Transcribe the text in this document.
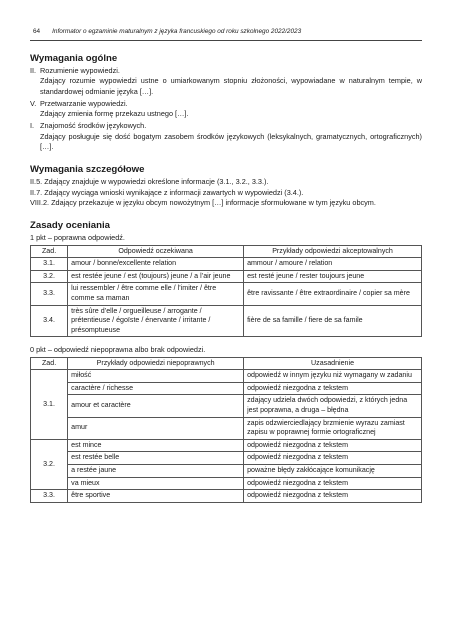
64 Informator o egzaminie maturalnym z języka francuskiego od roku szkolnego 2022/2023
Wymagania ogólne
II. Rozumienie wypowiedzi.

Zdający rozumie wypowiedzi ustne o umiarkowanym stopniu złożoności, wypowiadane w naturalnym tempie, w standardowej odmianie języka […].

V. Przetwarzanie wypowiedzi.

Zdający zmienia formę przekazu ustnego […].

I. Znajomość środków językowych.

Zdający posługuje się dość bogatym zasobem środków językowych (leksykalnych, gramatycznych, ortograficznych) […].

Wymagania szczegółowe

II.5. Zdający znajduje w wypowiedzi określone informacje (3.1., 3.2., 3.3.).

II.7. Zdający wyciąga wnioski wynikające z informacji zawartych w wypowiedzi (3.4.).

VIII.2. Zdający przekazuje w języku obcym nowożytnym […] informacje sformułowane w tym języku obcym.

Zasady oceniania

1 pkt – poprawna odpowiedź.

Zad.	Odpowiedź oczekiwana	Przykłady odpowiedzi akceptowalnych
3.1.	amour / bonne/excellente relation	ammour / amoure / relation
3.2.	est restée jeune / est (toujours) jeune / a l’air jeune	est resté jeune / rester toujours jeune
3.3.	lui ressembler / être comme elle / l’imiter / être comme sa maman	être ravissante / être extraordinaire / copier sa mère
3.4.	très sûre d’elle / orgueilleuse / arrogante / prétentieuse / égoïste / énervante / irritante / présomptueuse	fière de sa famille / fiere de sa famile

0 pkt – odpowiedź niepoprawna albo brak odpowiedzi.

Zad.	Przykłady odpowiedzi niepoprawnych	Uzasadnienie
3.1.	miłość	odpowiedź w innym języku niż wymagany w zadaniu
	caractère / richesse	odpowiedź niezgodna z tekstem
	amour et caractère	zdający udziela dwóch odpowiedzi, z których jedna jest poprawna, a druga – błędna
	amur	zapis odzwierciedlający brzmienie wyrazu zamiast zapisu w poprawnej formie ortograficznej
3.2.	est mince	odpowiedź niezgodna z tekstem
	est restée belle	odpowiedź niezgodna z tekstem
	a restée jaune	poważne błędy zakłócające komunikację
	va mieux	odpowiedź niezgodna z tekstem
3.3.	être sportive	odpowiedź niezgodna z tekstem
